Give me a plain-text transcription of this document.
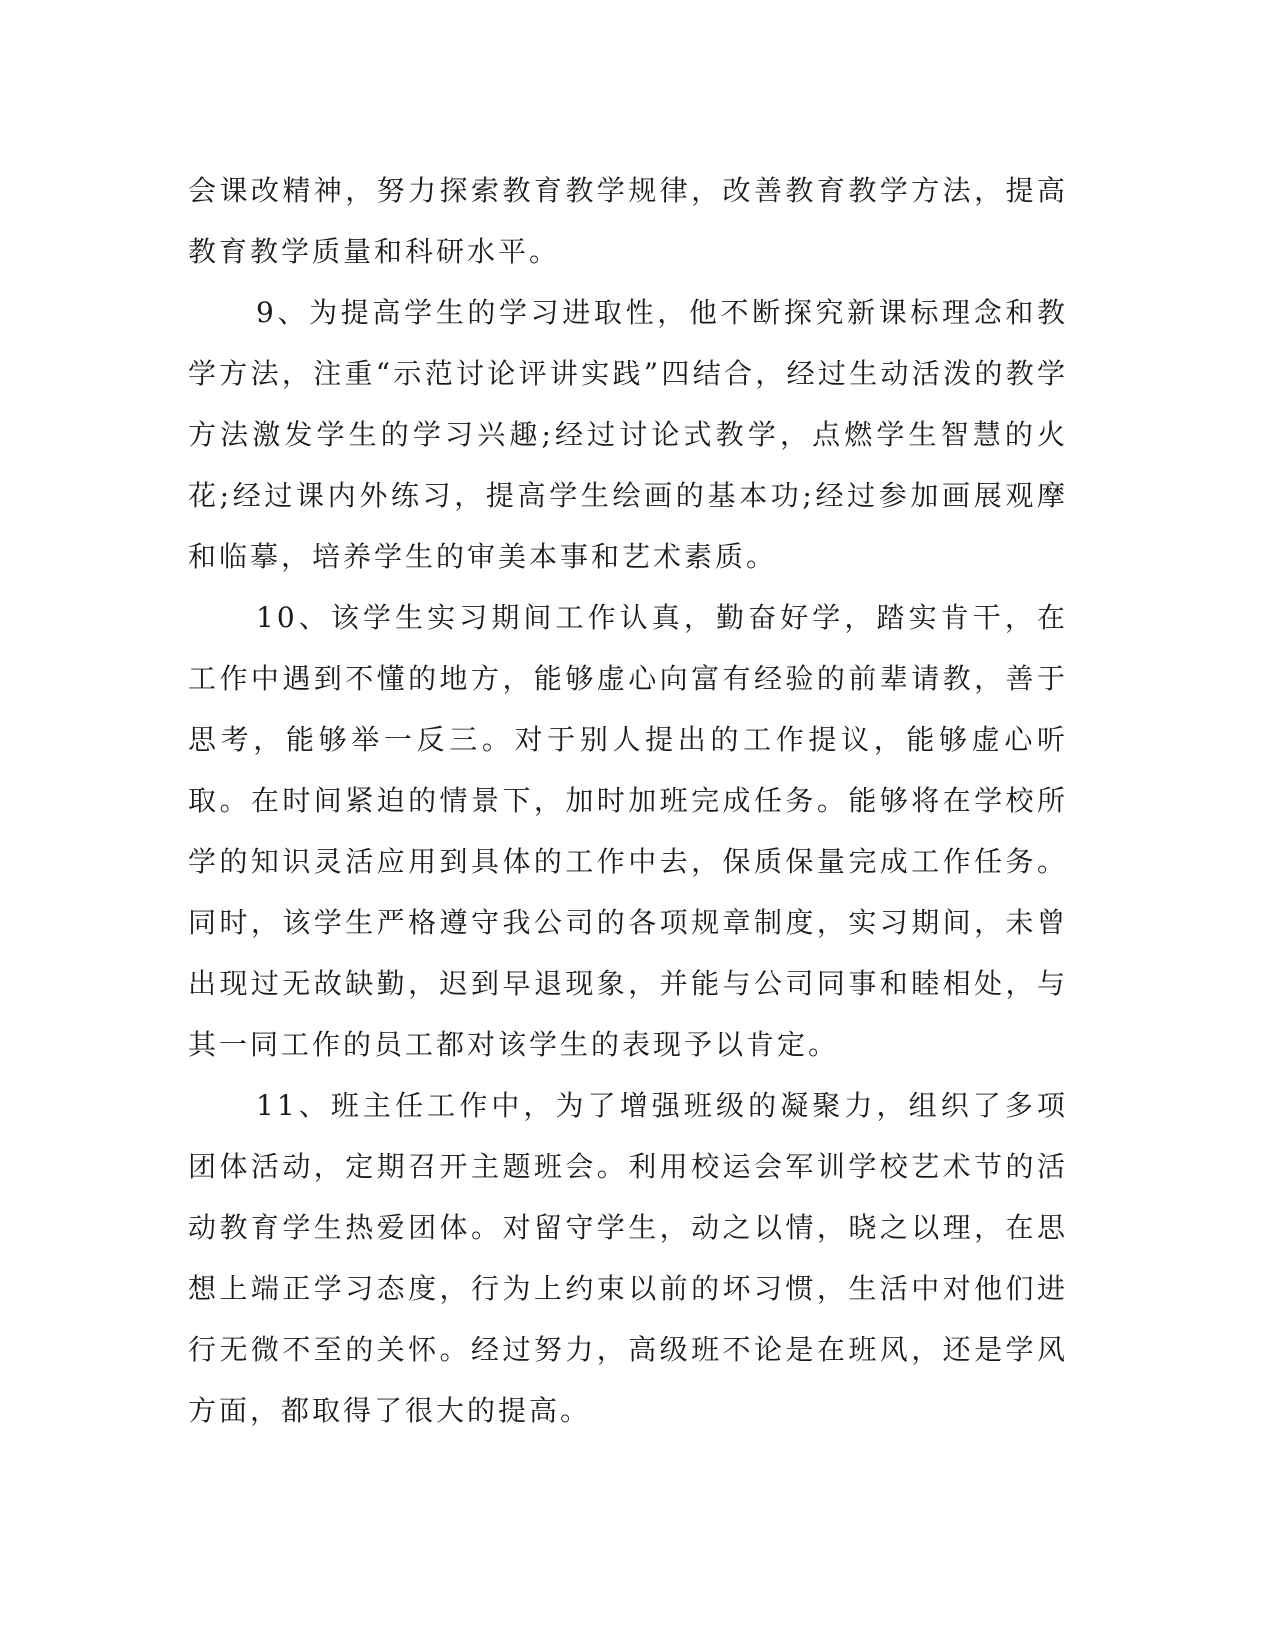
会课改精神，努力探索教育教学规律，改善教育教学方法，提高教育教学质量和科研水平。

9、为提高学生的学习进取性，他不断探究新课标理念和教学方法，注重“示范讨论评讲实践”四结合，经过生动活泼的教学方法激发学生的学习兴趣;经过讨论式教学，点燃学生智慧的火花;经过课内外练习，提高学生绘画的基本功;经过参加画展观摩和临摹，培养学生的审美本事和艺术素质。

10、该学生实习期间工作认真，勤奋好学，踏实肯干，在工作中遇到不懂的地方，能够虚心向富有经验的前辈请教，善于思考，能够举一反三。对于别人提出的工作提议，能够虚心听取。在时间紧迫的情景下，加时加班完成任务。能够将在学校所学的知识灵活应用到具体的工作中去，保质保量完成工作任务。同时，该学生严格遵守我公司的各项规章制度，实习期间，未曾出现过无故缺勤，迟到早退现象，并能与公司同事和睦相处，与其一同工作的员工都对该学生的表现予以肯定。

11、班主任工作中，为了增强班级的凝聚力，组织了多项团体活动，定期召开主题班会。利用校运会军训学校艺术节的活动教育学生热爱团体。对留守学生，动之以情，晓之以理，在思想上端正学习态度，行为上约束以前的坏习惯，生活中对他们进行无微不至的关怀。经过努力，高级班不论是在班风，还是学风方面，都取得了很大的提高。
